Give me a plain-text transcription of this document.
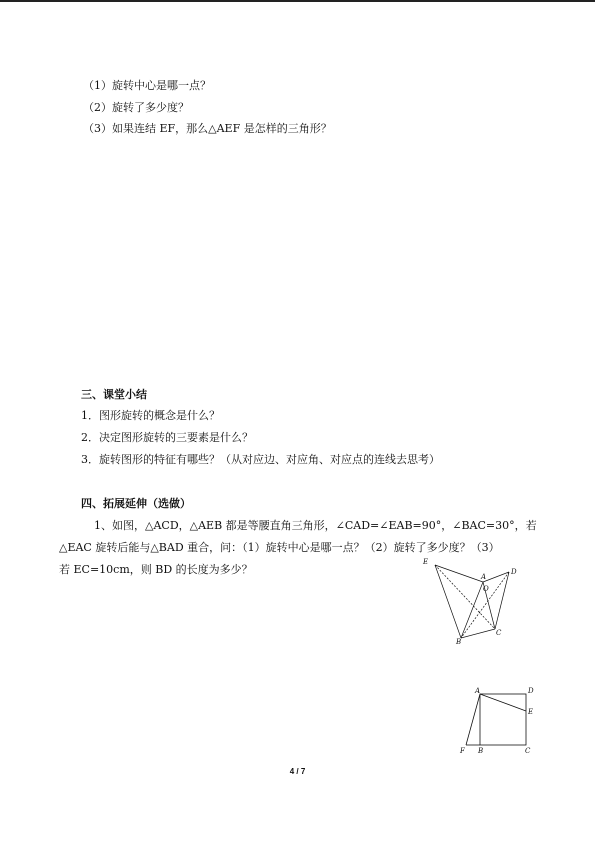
（1）旋转中心是哪一点？
（2）旋转了多少度？
（3）如果连结 EF，那么△AEF 是怎样的三角形？
三、课堂小结
1．图形旋转的概念是什么？
2．决定图形旋转的三要素是什么？
3．旋转图形的特征有哪些？（从对应边、对应角、对应点的连线去思考）
四、拓展延伸（选做）
1、如图，△ACD，△AEB 都是等腰直角三角形，∠CAD=∠EAB=90°，∠BAC=30°，若
△EAC 旋转后能与△BAD 重合，问：（1）旋转中心是哪一点？（2）旋转了多少度？（3）
若 EC=10cm，则 BD 的长度为多少？
E
A
D
O
B
C
A	D
E
F B	C
4 / 7
